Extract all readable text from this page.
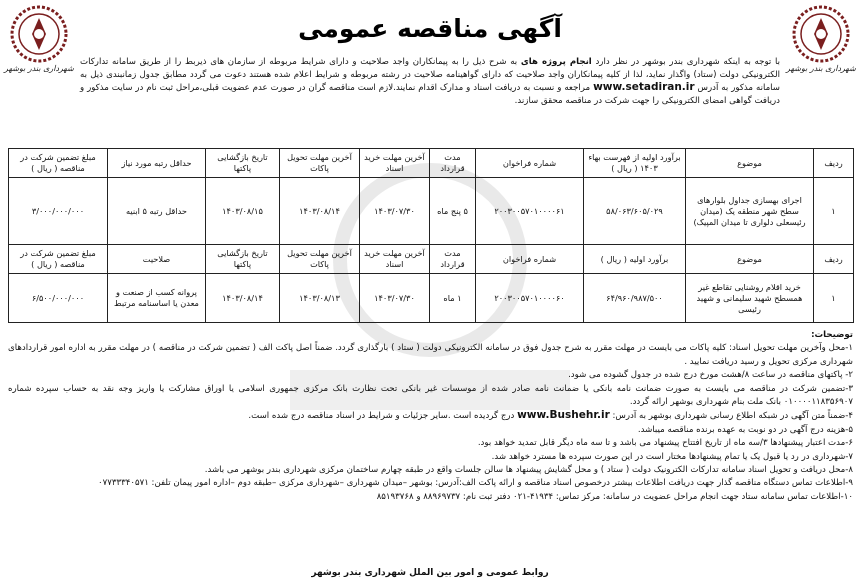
شهرداری بندر بوشهر
شهرداری بندر بوشهر
آگهی مناقصه عمومی

با توجه به اینکه شهرداری بندر بوشهر در نظر دارد انجام پروژه های به شرح ذیل را به پیمانکاران واجد صلاحیت و دارای شرایط مربوطه از سازمان های ذیربط را از طریق سامانه تدارکات الکترونیکی دولت (ستاد) واگذار نماید، لذا از کلیه پیمانکاران واجد صلاحیت که دارای گواهینامه صلاحیت در رشته مربوطه و شرایط اعلام شده هستند دعوت می گردد مطابق جدول زمانبندی ذیل به سامانه مذکور به آدرس www.setadiran.ir مراجعه و نسبت به دریافت اسناد و مدارک اقدام نمایند.لازم است مناقصه گران در صورت عدم عضویت قبلی،مراحل ثبت نام در سایت مذکور و دریافت گواهی امضای الکترونیکی را جهت شرکت در مناقصه محقق سازند.

ردیف	موضوع	برآورد اولیه از فهرست بهاء ۱۴۰۳ ( ریال )	شماره فراخوان	مدت قرارداد	آخرین مهلت خرید اسناد	آخرین مهلت تحویل پاکات	تاریخ بازگشایی پاکتها	حداقل رتبه مورد نیاز	مبلغ تضمین شرکت در مناقصه ( ریال )
۱	اجرای بهسازی جداول بلوارهای سطح شهر منطقه یک (میدان رئیسعلی دلواری تا میدان المپیک)	۵۸/۰۶۳/۶۰۵/۰۲۹	۲۰۰۳۰۰۵۷۰۱۰۰۰۰۶۱	۵ پنج ماه	۱۴۰۳/۰۷/۳۰	۱۴۰۳/۰۸/۱۴	۱۴۰۳/۰۸/۱۵	حداقل رتبه ۵ ابنیه	۳/۰۰۰/۰۰۰/۰۰۰
ردیف	موضوع	برآورد اولیه ( ریال )	شماره فراخوان	مدت قرارداد	آخرین مهلت خرید اسناد	آخرین مهلت تحویل پاکات	تاریخ بازگشایی پاکتها	صلاحیت	مبلغ تضمین شرکت در مناقصه ( ریال )
۱	خرید اقلام روشنایی تقاطع غیر همسطح شهید سلیمانی و شهید رئیسی	۶۴/۹۶۰/۹۸۷/۵۰۰	۲۰۰۳۰۰۵۷۰۱۰۰۰۰۶۰	۱ ماه	۱۴۰۳/۰۷/۳۰	۱۴۰۳/۰۸/۱۳	۱۴۰۳/۰۸/۱۴	پروانه کسب از صنعت و معدن یا اساسنامه مرتبط	۶/۵۰۰/۰۰۰/۰۰۰

توضیحات:

۱-محل وآخرین مهلت تحویل اسناد: کلیه پاکات می بایست در مهلت مقرر به شرح جدول فوق در سامانه الکترونیکی دولت ( ستاد ) بارگذاری گردد. ضمناً اصل پاکت الف ( تضمین شرکت در مناقصه ) در مهلت مقرر به اداره امور قراردادهای شهرداری مرکزی تحویل و رسید دریافت نمایید .

۲- پاکتهای مناقصه در ساعت ۸/هشت مورخ درج شده در جدول گشوده می شود.

۳-تضمین شرکت در مناقصه می بایست به صورت ضمانت نامه بانکی یا ضمانت نامه صادر شده از موسسات غیر بانکی تحت نظارت بانک مرکزی جمهوری اسلامی یا اوراق مشارکت یا واریز وجه نقد به حساب سپرده شماره ۰۱۰۰۰۰۱۱۸۳۵۶۹۰۷ بانک ملت بنام شهرداری بوشهر ارائه گردد.

۴-ضمناً متن آگهی در شبکه اطلاع رسانی شهرداری بوشهر به آدرس: www.Bushehr.ir درج گردیده است .سایر جزئیات و شرایط در اسناد مناقصه درج شده است.

۵-هزینه درج آگهی در دو نوبت به عهده برنده مناقصه میباشد.

۶-مدت اعتبار پیشنهادها ۳/سه ماه از تاریخ افتتاح پیشنهاد می باشد و تا سه ماه دیگر قابل تمدید خواهد بود.

۷-شهرداری در رد یا قبول یک یا تمام پیشنهادها مختار است در این صورت سپرده ها مسترد خواهد شد.

۸-محل دریافت و تحویل اسناد سامانه تدارکات الکترونیک دولت ( ستاد ) و محل گشایش پیشنهاد ها سالن جلسات واقع در طبقه چهارم ساختمان مرکزی شهرداری بندر بوشهر می باشد.

۹-اطلاعات تماس دستگاه مناقصه گذار جهت دریافت اطلاعات بیشتر درخصوص اسناد مناقصه و ارائه پاکت الف:آدرس: بوشهر –میدان شهرداری –شهرداری مرکزی –طبقه دوم –اداره امور پیمان تلفن: ۰۷۷۳۳۳۴۰۵۷۱

۱۰-اطلاعات تماس سامانه ستاد جهت انجام مراحل عضویت در سامانه: مرکز تماس: ۴۱۹۳۴-۰۲۱ دفتر ثبت نام: ۸۸۹۶۹۷۳۷ و ۸۵۱۹۳۷۶۸

روابط عمومی و امور بین الملل شهرداری بندر بوشهر
